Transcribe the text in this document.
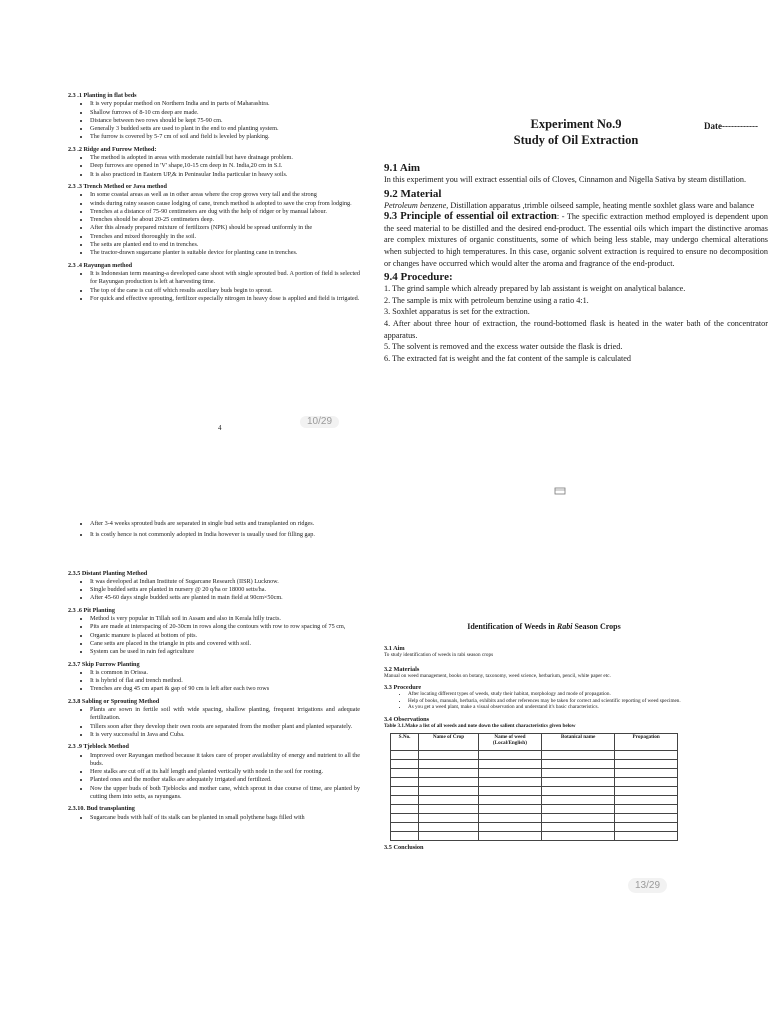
2.3 .1 Planting in flat beds
• It is very popular method on Northern India and in parts of Maharashtra.
• Shallow furrows of 8-10 cm deep are made.
• Distance between two rows should be kept 75-90 cm.
• Generally 3 budded setts are used to plant in the end to end planting system.
• The furrow is covered by 5-7 cm of soil and field is leveled by planking.
2.3 .2 Ridge and Furrow Method:
• The method is adopted in areas with moderate rainfall but have drainage problem.
• Deep furrows are opened in 'V' shape,10-15 cm deep in N. India,20 cm in S.I.
• It is also practiced in Eastern UP,& in Peninsular India particular in heavy soils.
2.3 .3 Trench Method or Java method
• In some coastal areas as well as in other areas where the crop grows very tall and the strong
• winds during rainy season cause lodging of cane, trench method is adopted to save the crop from lodging.
• Trenches at a distance of 75-90 centimeters are dug with the help of ridger or by manual labour.
• Trenches should be about 20-25 centimeters deep.
• After this already prepared mixture of fertilizers (NPK) should be spread uniformly in the
• Trenches and mixed thoroughly in the soil.
• The setts are planted end to end in trenches.
• The tractor-drawn sugarcane planter is suitable device for planting cane in trenches.
2.3 .4 Rayungan method
• It is Indonesian term meaning-a developed cane shoot with single sprouted bud. A portion of field is selected for Rayungan production is left at harvesting time.
• The top of the cane is cut off which results auxiliary buds begin to sprout.
• For quick and effective sprouting, fertilizer especially nitrogen in heavy dose is applied and field is irrigated.
4
10/29
Date------------
Experiment No.9
Study of Oil Extraction
9.1 Aim

In this experiment you will extract essential oils of Cloves, Cinnamon and Nigella Sativa by steam distillation.

9.2 Material

Petroleum benzene, Distillation apparatus ,trimble oilseed sample, heating mentle soxhlet glass ware and balance

9.3 Principle of essential oil extraction: - The specific extraction method employed is dependent upon the seed material to be distilled and the desired end-product. The essential oils which impart the distinctive aromas are complex mixtures of organic constituents, some of which being less stable, may undergo chemical alterations when subjected to high temperatures. In this case, organic solvent extraction is required to ensure no decomposition or changes have occurred which would alter the aroma and fragrance of the end-product.

9.4 Procedure:

1. The grind sample which already prepared by lab assistant is weight on analytical balance.

2. The sample is mix with petroleum benzine using a ratio 4:1.

3. Soxhlet apparatus is set for the extraction.

4. After about three hour of extraction, the round-bottomed flask is heated in the water bath of the concentrator apparatus.

5. The solvent is removed and the excess water outside the flask is dried.

6. The extracted fat is weight and the fat content of the sample is calculated

• After 3-4 weeks sprouted buds are separated in single bud setts and transplanted on ridges.
• It is costly hence is not commonly adopted in India however is usually used for filling gap.
2.3.5 Distant Planting Method
• It was developed at Indian Institute of Sugarcane Research (IISR) Lucknow.
• Single budded setts are planted in nursery @ 20 q/ha or 18000 setts/ha.
• After 45-60 days single budded setts are planted in main field at 90cm×50cm.
2.3 .6 Pit Planting
• Method is very popular in Tillah soil in Assam and also in Kerala hilly tracts.
• Pits are made at interspacing of 20-30cm in rows along the contours with row to row spacing of 75 cm,
• Organic manure is placed at bottom of pits.
• Cane setts are placed in the triangle in pits and covered with soil.
• System can be used in rain fed agriculture
2.3.7 Skip Furrow Planting
• It is common in Orissa.
• It is hybrid of flat and trench method.
• Trenches are dug 45 cm apart & gap of 90 cm is left after each two rows
2.3.8 Sabling or Sprouting Method
• Plants are sown in fertile soil with wide spacing, shallow planting, frequent irrigations and adequate fertilization.
• Tillers soon after they develop their own roots are separated from the mother plant and planted separately.
• It is very successful in Java and Cuba.
2.3 .9 Tjeblock Method
• Improved over Rayungan method because it takes care of proper availability of energy and nutrient to all the buds.
• Here stalks are cut off at its half length and planted vertically with node in the soil for rooting.
• Planted ones and the mother stalks are adequately irrigated and fertilized.
• Now the upper buds of both Tjeblocks and mother cane, which sprout in due course of time, are planted by cutting them into setts, as rayungans.
2.3.10. Bud transplanting
• Sugarcane buds with half of its stalk can be planted in small polythene bags filled with
Identification of Weeds in Rabi Season Crops
3.1 Aim
To study identification of weeds in rabi season crops
3.2 Materials
Manual on weed management, books on botany, taxonomy, weed science, herbarium, pencil, white paper etc.
3.3 Procedure
• After locating different types of weeds, study their habitat, morphology and mode of propagation.
• Help of books, manuals, herbaria, exhibits and other references may be taken for correct and scientific reporting of weed specimen.
• As you get a weed plant, make a visual observation and understand it's basic characteristics.
3.4 Observations
Table 3.1.Make a list of all weeds and note down the salient characteristics given below
S.No.	Name of Crop	Name of weed (Local/English)	Botanical name	Propagation

3.5 Conclusion
13/29
